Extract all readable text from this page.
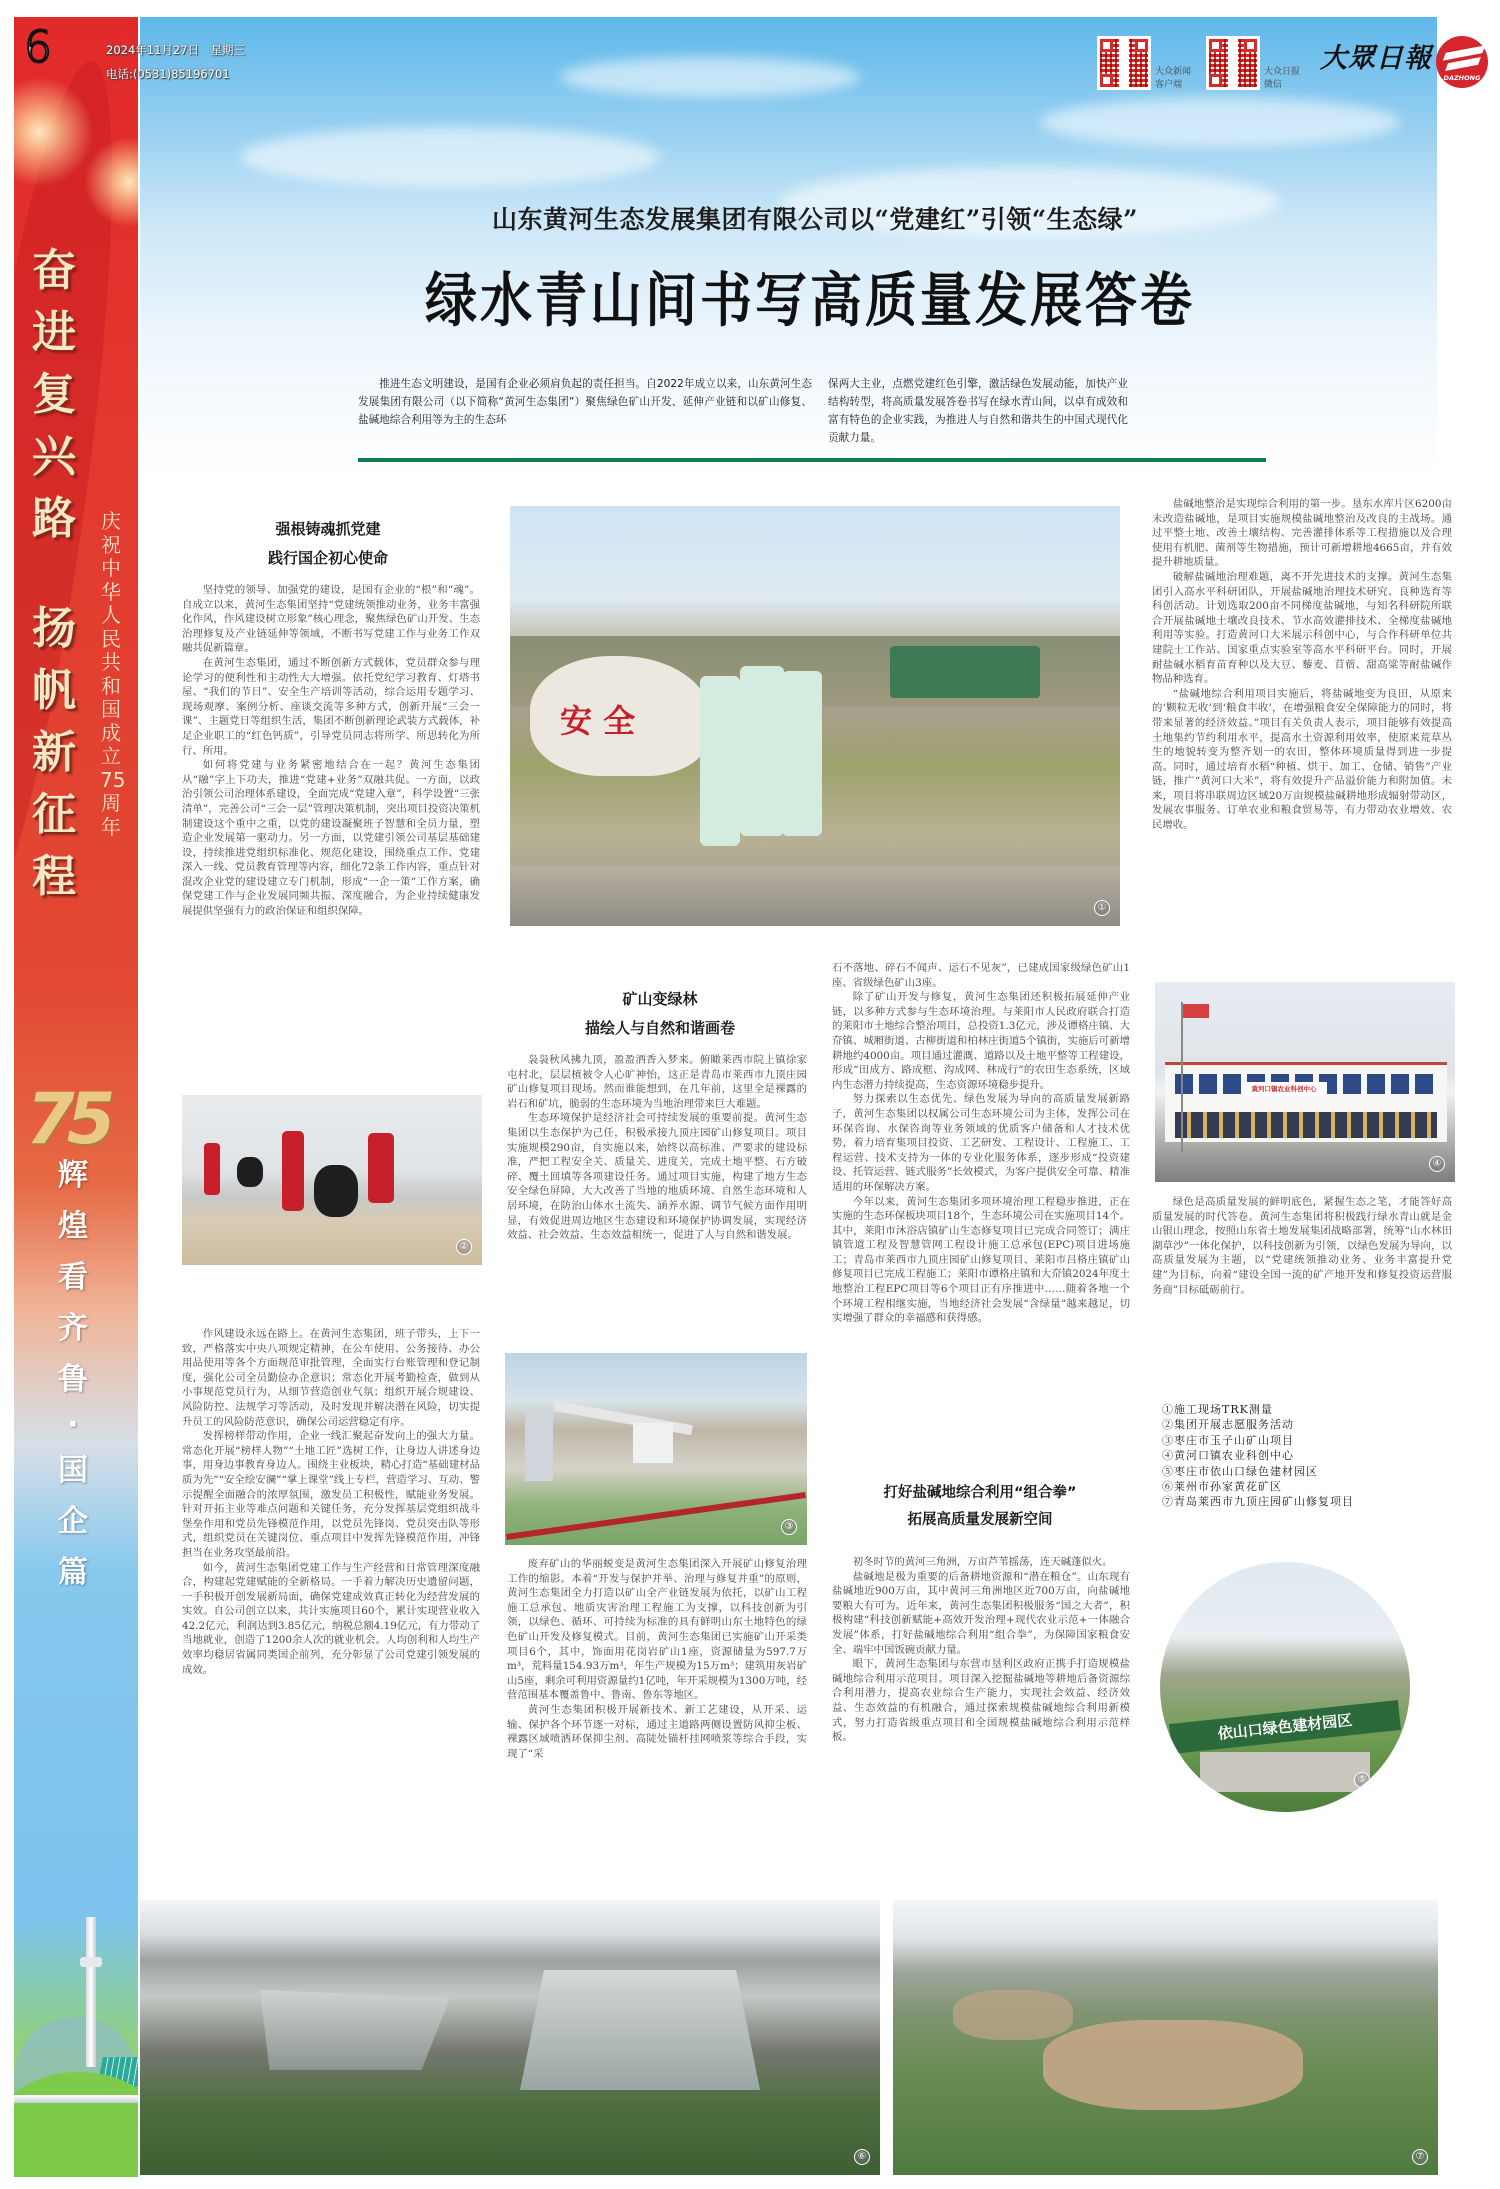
2024年11月27日　星期三
电话:(0531)85196701	大众新闻
客户端
大众日报
微信
大眾日報
DAZHONG
6
奋进复兴路
扬帆新征程
庆祝中华人民共和国成立75周年
75
辉
煌
看
齐
鲁
·
国
企
篇
山东黄河生态发展集团有限公司以“党建红”引领“生态绿”
绿水青山间书写高质量发展答卷
推进生态文明建设，是国有企业必须肩负起的责任担当。自2022年成立以来，山东黄河生态发展集团有限公司（以下简称“黄河生态集团”）聚焦绿色矿山开发、延伸产业链和以矿山修复、盐碱地综合利用等为主的生态环
保两大主业，点燃党建红色引擎，激活绿色发展动能，加快产业结构转型，将高质量发展答卷书写在绿水青山间，以卓有成效和富有特色的企业实践，为推进人与自然和谐共生的中国式现代化贡献力量。
强根铸魂抓党建
践行国企初心使命

坚持党的领导、加强党的建设，是国有企业的“根”和“魂”。自成立以来，黄河生态集团坚持“党建统领推动业务，业务丰富强化作风，作风建设树立形象”核心理念，聚焦绿色矿山开发、生态治理修复及产业链延伸等领域，不断书写党建工作与业务工作双融共促新篇章。

在黄河生态集团，通过不断创新方式载体，党员群众参与理论学习的便利性和主动性大大增强。依托党纪学习教育、灯塔书屋、“我们的节日”、安全生产培训等活动，综合运用专题学习、现场观摩、案例分析、座谈交流等多种方式，创新开展“三会一课”、主题党日等组织生活，集团不断创新理论武装方式载体，补足企业职工的“红色钙质”，引导党员同志将所学、所思转化为所行、所用。

如何将党建与业务紧密地结合在一起？黄河生态集团从“融”字上下功夫，推进“党建+业务”双融共促。一方面，以政治引领公司治理体系建设，全面完成“党建入章”，科学设置“三张清单”，完善公司“三会一层”管理决策机制，突出项目投资决策机制建设这个重中之重，以党的建设凝聚班子智慧和全员力量，塑造企业发展第一驱动力。另一方面，以党建引领公司基层基础建设，持续推进党组织标准化、规范化建设，围绕重点工作、党建深入一线、党员教育管理等内容，细化72条工作内容，重点针对混改企业党的建设建立专门机制，形成“一企一策”工作方案，确保党建工作与企业发展同频共振、深度融合，为企业持续健康发展提供坚强有力的政治保证和组织保障。

②

作风建设永远在路上。在黄河生态集团，班子带头，上下一致，严格落实中央八项规定精神，在公车使用、公务接待、办公用品使用等各个方面规范审批管理，全面实行台账管理和登记制度，强化公司全员勤俭办企意识；常态化开展考勤检查，做到从小事规范党员行为，从细节营造创业气氛；组织开展合规建设、风险防控、法规学习等活动，及时发现并解决潜在风险，切实提升员工的风险防范意识，确保公司运营稳定有序。

发挥榜样带动作用，企业一线汇聚起奋发向上的强大力量。常态化开展“榜样人物”“土地工匠”选树工作，让身边人讲述身边事，用身边事教育身边人。围绕主业板块，精心打造“基础建材品质为先”“安全绘安澜”“掌上课堂”线上专栏，营造学习、互动、警示提醒全面融合的浓厚氛围，激发员工积极性，赋能业务发展。针对开拓主业等难点问题和关键任务，充分发挥基层党组织战斗堡垒作用和党员先锋模范作用，以党员先锋岗、党员突击队等形式，组织党员在关键岗位、重点项目中发挥先锋模范作用，冲锋担当在业务攻坚最前沿。

如今，黄河生态集团党建工作与生产经营和日常管理深度融合，构建起党建赋能的全新格局。一手着力解决历史遗留问题，一手积极开创发展新局面，确保党建成效真正转化为经营发展的实效。自公司创立以来，共计实施项目60个，累计实现营业收入42.2亿元，利润达到3.85亿元，纳税总额4.19亿元，有力带动了当地就业，创造了1200余人次的就业机会。人均创利和人均生产效率均稳居省属同类国企前列，充分彰显了公司党建引领发展的成效。

安 全
①
矿山变绿林
描绘人与自然和谐画卷

袅袅秋风拂九顶，盈盈酒香入梦来。俯瞰莱西市院上镇徐家屯村北，层层植被令人心旷神怡，这正是青岛市莱西市九顶庄园矿山修复项目现场。然而谁能想到，在几年前，这里全是裸露的岩石和矿坑，脆弱的生态环境为当地治理带来巨大难题。

生态环境保护是经济社会可持续发展的重要前提。黄河生态集团以生态保护为己任，积极承接九顶庄园矿山修复项目。项目实施规模290亩，自实施以来，始终以高标准、严要求的建设标准，严把工程安全关、质量关、进度关，完成土地平整、石方破碎、覆土回填等各项建设任务。通过项目实施，构建了地方生态安全绿色屏障，大大改善了当地的地质环境、自然生态环境和人居环境，在防治山体水土流失、涵养水源、调节气候方面作用明显，有效促进周边地区生态建设和环境保护协调发展，实现经济效益、社会效益、生态效益相统一，促进了人与自然和谐发展。

③

废弃矿山的华丽蜕变是黄河生态集团深入开展矿山修复治理工作的缩影。本着“开发与保护并举、治理与修复并重”的原则，黄河生态集团全力打造以矿山全产业链发展为依托，以矿山工程施工总承包、地质灾害治理工程施工为支撑，以科技创新为引领，以绿色、循环、可持续为标准的具有鲜明山东土地特色的绿色矿山开发及修复模式。目前，黄河生态集团已实施矿山开采类项目6个，其中，饰面用花岗岩矿山1座，资源储量为597.7万m³，荒料量154.93万m³，年生产规模为15万m³；建筑用灰岩矿山5座，剩余可利用资源量约1亿吨，年开采规模为1300万吨，经营范围基本覆盖鲁中、鲁南、鲁东等地区。

黄河生态集团积极开展新技术、新工艺建设，从开采、运输、保护各个环节逐一对标，通过主道路两侧设置防风抑尘板、裸露区域喷洒环保抑尘剂、高陡处锚杆挂网喷浆等综合手段，实现了“采

石不落地、碎石不闻声、运石不见灰”，已建成国家级绿色矿山1座、省级绿色矿山3座。

除了矿山开发与修复，黄河生态集团还积极拓展延伸产业链，以多种方式参与生态环境治理。与莱阳市人民政府联合打造的莱阳市土地综合整治项目，总投资1.3亿元，涉及谭格庄镇、大夼镇、城厢街道、古柳街道和柏林庄街道5个镇街，实施后可新增耕地约4000亩。项目通过灌溉、道路以及土地平整等工程建设，形成“田成方、路成框、沟成网、林成行”的农田生态系统，区域内生态潜力持续提高，生态资源环境稳步提升。

努力探索以生态优先、绿色发展为导向的高质量发展新路子，黄河生态集团以权属公司生态环境公司为主体，发挥公司在环保咨询、水保咨询等业务领域的优质客户储备和人才技术优势，着力培育集项目投资、工艺研发、工程设计、工程施工、工程运营、技术支持为一体的专业化服务体系，逐步形成“投资建设、托管运营、链式服务”长效模式，为客户提供安全可靠、精准适用的环保解决方案。

今年以来，黄河生态集团多项环境治理工程稳步推进，正在实施的生态环保板块项目18个，生态环境公司在实施项目14个。其中，莱阳市沐浴店镇矿山生态修复项目已完成合同签订；满庄镇管道工程及智慧管网工程设计施工总承包(EPC)项目进场施工；青岛市莱西市九顶庄园矿山修复项目、莱阳市吕格庄镇矿山修复项目已完成工程施工；莱阳市谭格庄镇和大夼镇2024年度土地整治工程EPC项目等6个项目正有序推进中……随着各地一个个环境工程相继实施，当地经济社会发展“含绿量”越来越足，切实增强了群众的幸福感和获得感。

打好盐碱地综合利用“组合拳”
拓展高质量发展新空间

初冬时节的黄河三角洲，万亩芦苇摇荡，连天碱蓬似火。

盐碱地是极为重要的后备耕地资源和“潜在粮仓”。山东现有盐碱地近900万亩，其中黄河三角洲地区近700万亩，向盐碱地要粮大有可为。近年来，黄河生态集团积极服务“国之大者”，积极构建“科技创新赋能+高效开发治理+现代农业示范+一体融合发展”体系，打好盐碱地综合利用“组合拳”，为保障国家粮食安全、端牢中国饭碗贡献力量。

眼下，黄河生态集团与东营市垦利区政府正携手打造规模盐碱地综合利用示范项目。项目深入挖掘盐碱地等耕地后备资源综合利用潜力，提高农业综合生产能力，实现社会效益、经济效益、生态效益的有机融合，通过探索规模盐碱地综合利用新模式，努力打造省级重点项目和全国规模盐碱地综合利用示范样板。

盐碱地整治是实现综合利用的第一步。垦东水库片区6200亩未改造盐碱地，是项目实施规模盐碱地整治及改良的主战场。通过平整土地、改善土壤结构、完善灌排体系等工程措施以及合理使用有机肥、菌剂等生物措施，预计可新增耕地4665亩，并有效提升耕地质量。

破解盐碱地治理难题，离不开先进技术的支撑。黄河生态集团引入高水平科研团队，开展盐碱地治理技术研究、良种选育等科创活动。计划选取200亩不同梯度盐碱地，与知名科研院所联合开展盐碱地土壤改良技术、节水高效灌排技术、全梯度盐碱地利用等实验。打造黄河口大米展示科创中心，与合作科研单位共建院士工作站、国家重点实验室等高水平科研平台。同时，开展耐盐碱水稻育苗育种以及大豆、藜麦、苜蓿、甜高粱等耐盐碱作物品种选育。

“盐碱地综合利用项目实施后，将盐碱地变为良田，从原来的‘颗粒无收’到‘粮食丰收’，在增强粮食安全保障能力的同时，将带来显著的经济效益。”项目有关负责人表示，项目能够有效提高土地集约节约利用水平，提高水土资源利用效率，使原来荒草丛生的地貌转变为整齐划一的农田，整体环境质量得到进一步提高。同时，通过培育水稻“种植、烘干、加工、仓储、销售”产业链，推广“黄河口大米”，将有效提升产品溢价能力和附加值。未来，项目将串联周边区域20万亩规模盐碱耕地形成辐射带动区，发展农事服务、订单农业和粮食贸易等，有力带动农业增效、农民增收。

黄河口镇农业科创中心
④

绿色是高质量发展的鲜明底色，紧握生态之笔，才能答好高质量发展的时代答卷。黄河生态集团将积极践行绿水青山就是金山银山理念，按照山东省土地发展集团战略部署，统筹“山水林田湖草沙”一体化保护，以科技创新为引领，以绿色发展为导向，以高质量发展为主题，以“党建统领推动业务、业务丰富提升党建”为目标，向着“建设全国一流的矿产地开发和修复投资运营服务商”目标砥砺前行。

①施工现场TRK测量
②集团开展志愿服务活动
③枣庄市玉子山矿山项目
④黄河口镇农业科创中心
⑤枣庄市依山口绿色建材园区
⑥莱州市孙家黄花矿区
⑦青岛莱西市九顶庄园矿山修复项目
依山口绿色建材园区
⑤
⑥	⑦
